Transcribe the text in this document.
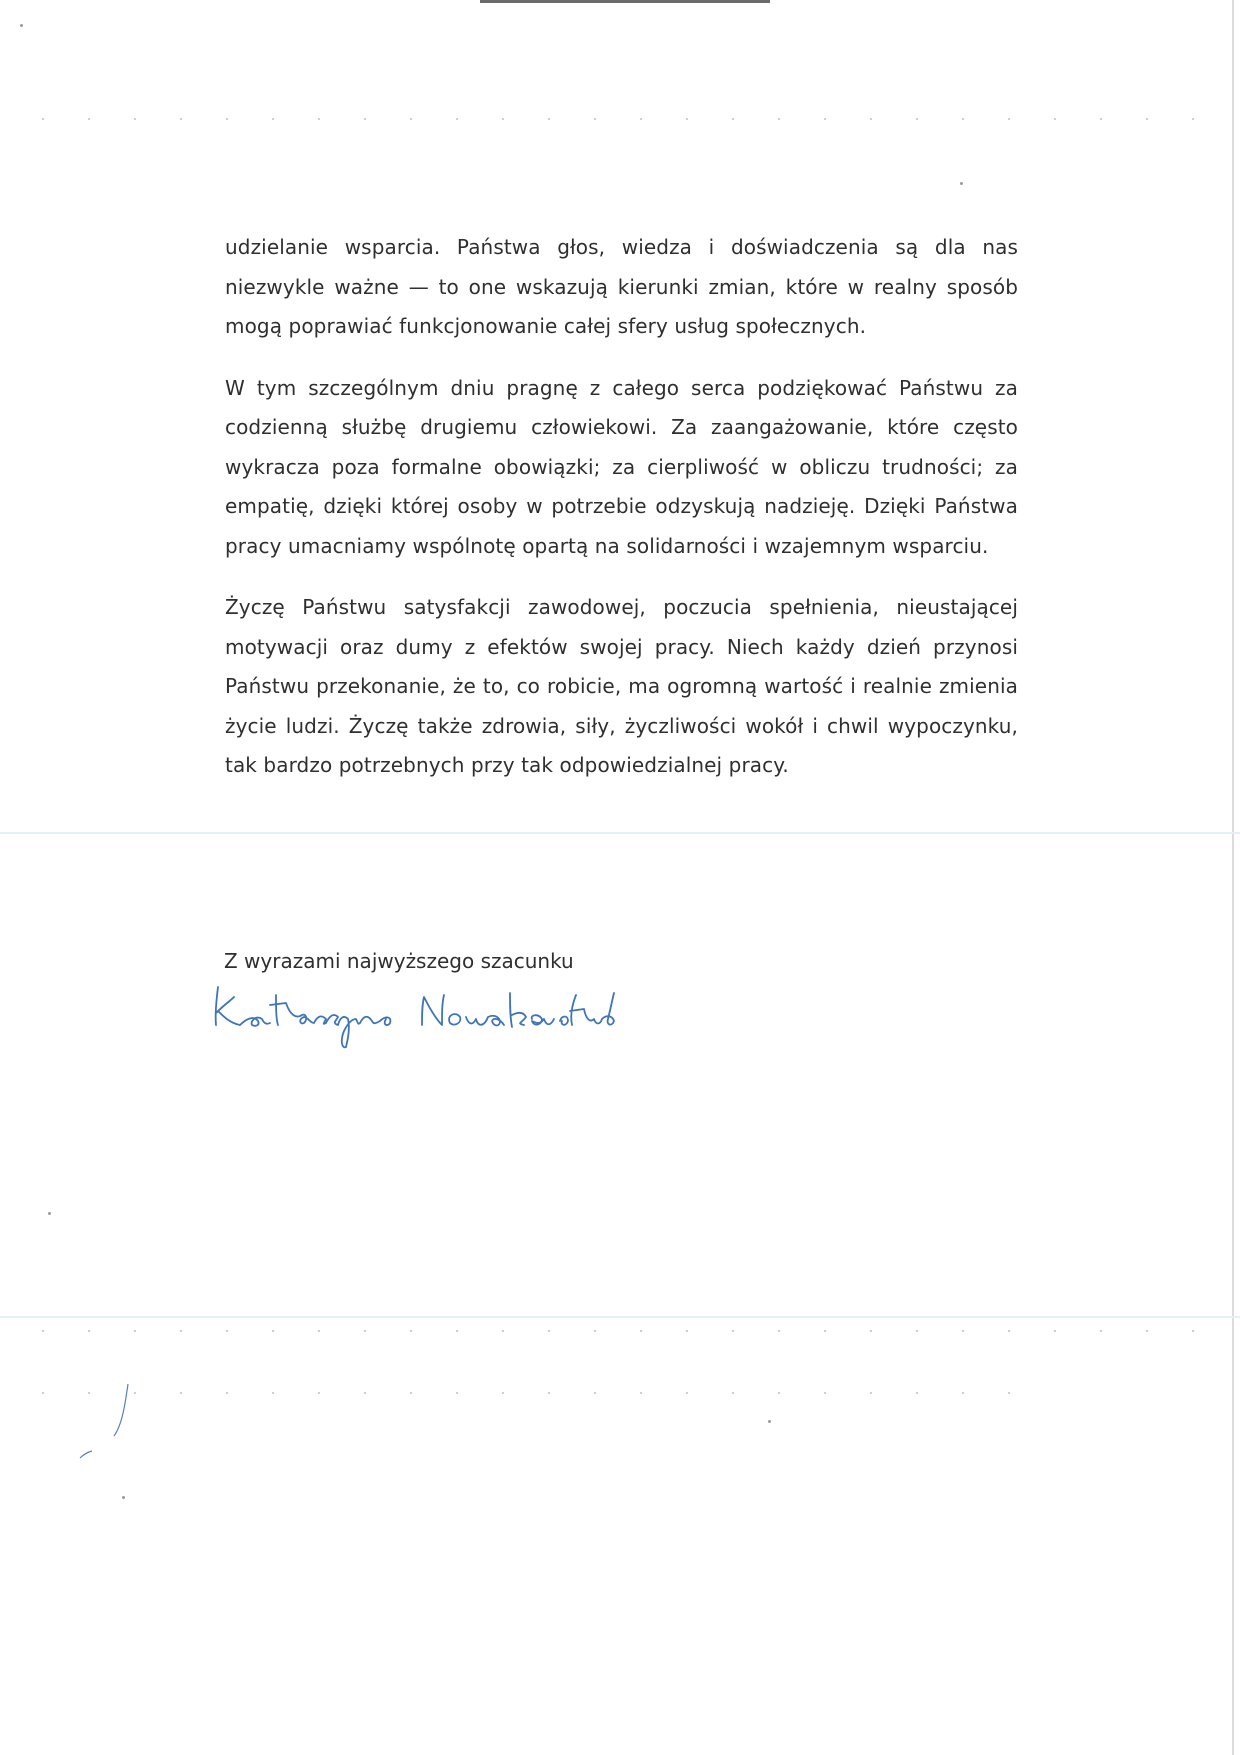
udzielanie wsparcia. Państwa głos, wiedza i doświadczenia są dla nas niezwykle ważne — to one wskazują kierunki zmian, które w realny sposób mogą poprawiać funkcjonowanie całej sfery usług społecznych.

W tym szczególnym dniu pragnę z całego serca podziękować Państwu za codzienną służbę drugiemu człowiekowi. Za zaangażowanie, które często wykracza poza formalne obowiązki; za cierpliwość w obliczu trudności; za empatię, dzięki której osoby w potrzebie odzyskują nadzieję. Dzięki Państwa pracy umacniamy wspólnotę opartą na solidarności i wzajemnym wsparciu.

Życzę Państwu satysfakcji zawodowej, poczucia spełnienia, nieustającej motywacji oraz dumy z efektów swojej pracy. Niech każdy dzień przynosi Państwu przekonanie, że to, co robicie, ma ogromną wartość i realnie zmienia życie ludzi. Życzę także zdrowia, siły, życzliwości wokół i chwil wypoczynku, tak bardzo potrzebnych przy tak odpowiedzialnej pracy.

Z wyrazami najwyższego szacunku
